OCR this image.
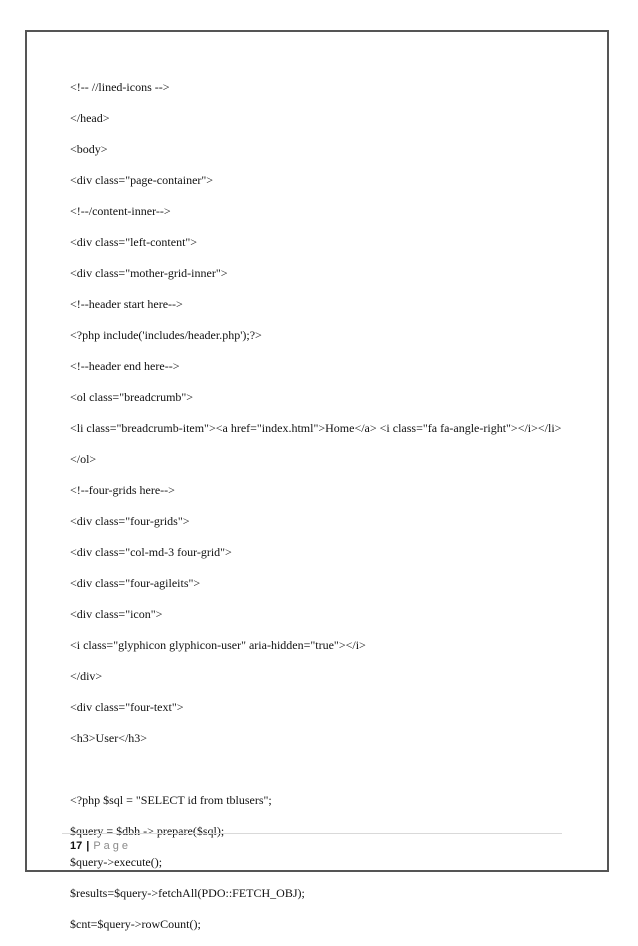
<!-- //lined-icons -->
</head>
<body>
<div class="page-container">
<!--/content-inner-->
<div class="left-content">
<div class="mother-grid-inner">
<!--header start here-->
<?php include('includes/header.php');?>
<!--header end here-->
<ol class="breadcrumb">
<li class="breadcrumb-item"><a href="index.html">Home</a> <i class="fa fa-angle-right"></i></li>
</ol>
<!--four-grids here-->
<div class="four-grids">
<div class="col-md-3 four-grid">
<div class="four-agileits">
<div class="icon">
<i class="glyphicon glyphicon-user" aria-hidden="true"></i>
</div>
<div class="four-text">
<h3>User</h3>
<?php $sql = "SELECT id from tblusers";
$query = $dbh -> prepare($sql);
$query->execute();
$results=$query->fetchAll(PDO::FETCH_OBJ);
$cnt=$query->rowCount();
17 | Page
